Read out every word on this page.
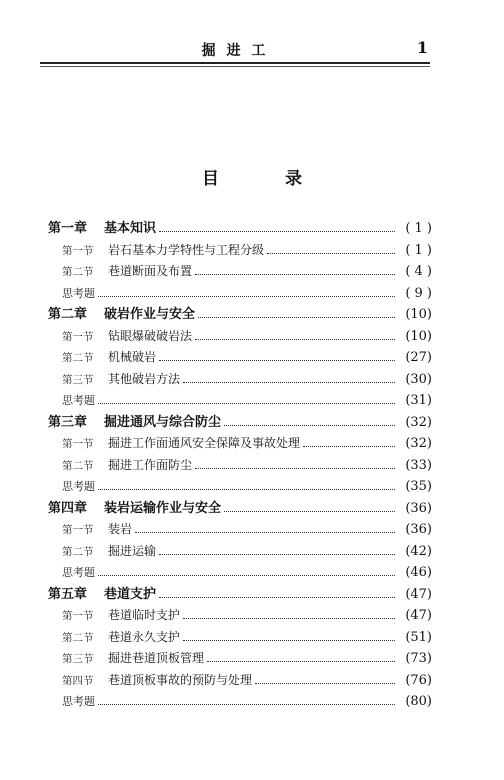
掘 进 工	1
目 录
第一章	基本知识	( 1 )
第一节	岩石基本力学特性与工程分级	( 1 )
第二节	巷道断面及布置	( 4 )
思考题	( 9 )
第二章	破岩作业与安全	(10)
第一节	钻眼爆破破岩法	(10)
第二节	机械破岩	(27)
第三节	其他破岩方法	(30)
思考题	(31)
第三章	掘进通风与综合防尘	(32)
第一节	掘进工作面通风安全保障及事故处理	(32)
第二节	掘进工作面防尘	(33)
思考题	(35)
第四章	装岩运输作业与安全	(36)
第一节	装岩	(36)
第二节	掘进运输	(42)
思考题	(46)
第五章	巷道支护	(47)
第一节	巷道临时支护	(47)
第二节	巷道永久支护	(51)
第三节	掘进巷道顶板管理	(73)
第四节	巷道顶板事故的预防与处理	(76)
思考题	(80)
